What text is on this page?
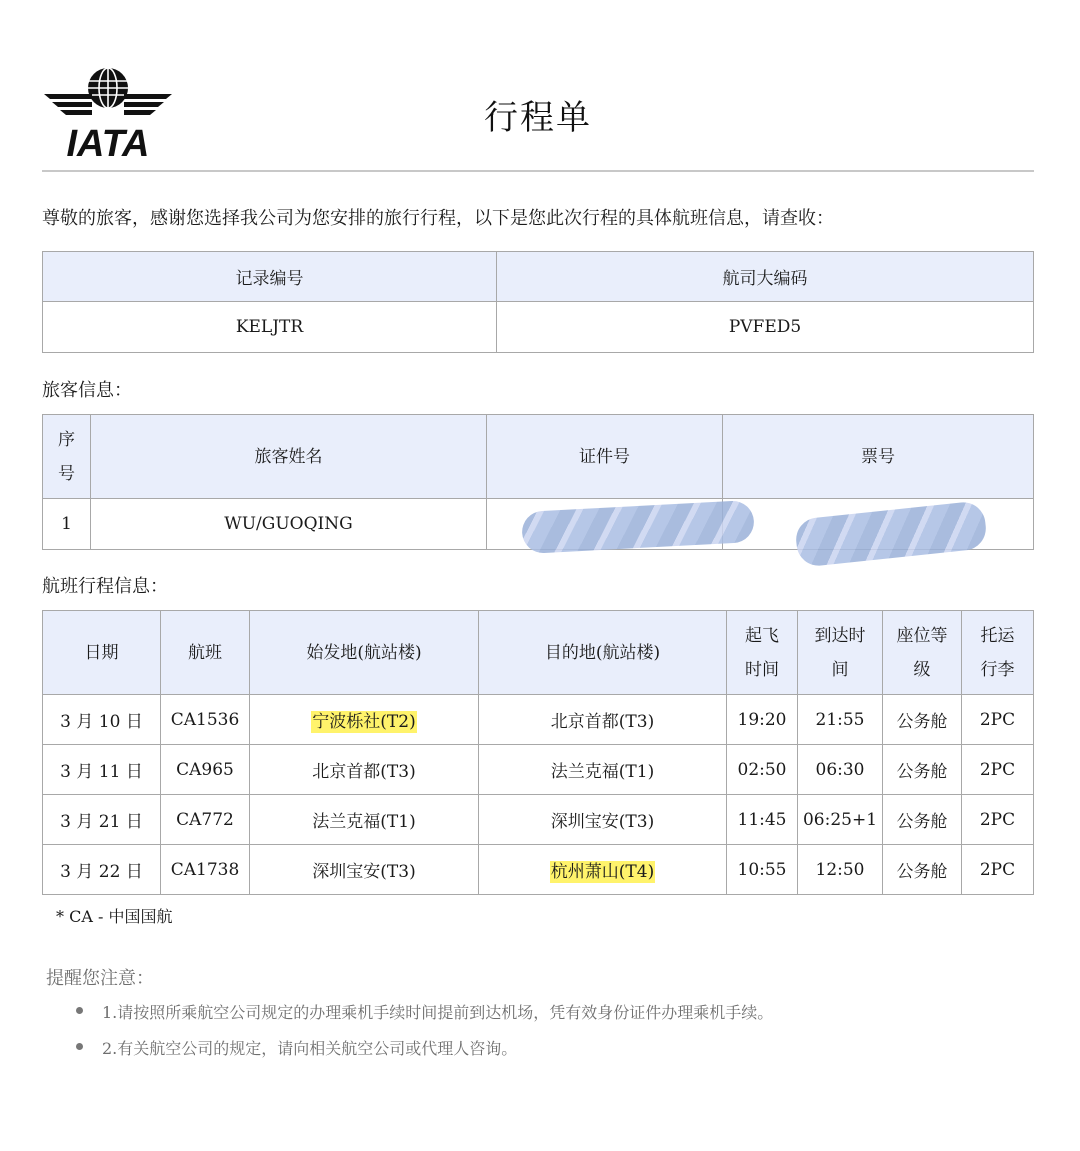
IATA
行程单
尊敬的旅客，感谢您选择我公司为您安排的旅行行程，以下是您此次行程的具体航班信息，请查收：
记录编号	航司大编码
KELJTR	PVFED5
旅客信息：
序号	旅客姓名	证件号	票号
1	WU/GUOQING		
航班行程信息：
日期	航班	始发地(航站楼)	目的地(航站楼)	起飞时间	到达时间	座位等级	托运行李

3 月 10 日	CA1536	宁波栎社(T2)	北京首都(T3)	19:20	21:55	公务舱	2PC
3 月 11 日	CA965	北京首都(T3)	法兰克福(T1)	02:50	06:30	公务舱	2PC
3 月 21 日	CA772	法兰克福(T1)	深圳宝安(T3)	11:45	06:25+1	公务舱	2PC
3 月 22 日	CA1738	深圳宝安(T3)	杭州萧山(T4)	10:55	12:50	公务舱	2PC
* CA - 中国国航
提醒您注意：
1.请按照所乘航空公司规定的办理乘机手续时间提前到达机场，凭有效身份证件办理乘机手续。
2.有关航空公司的规定，请向相关航空公司或代理人咨询。
